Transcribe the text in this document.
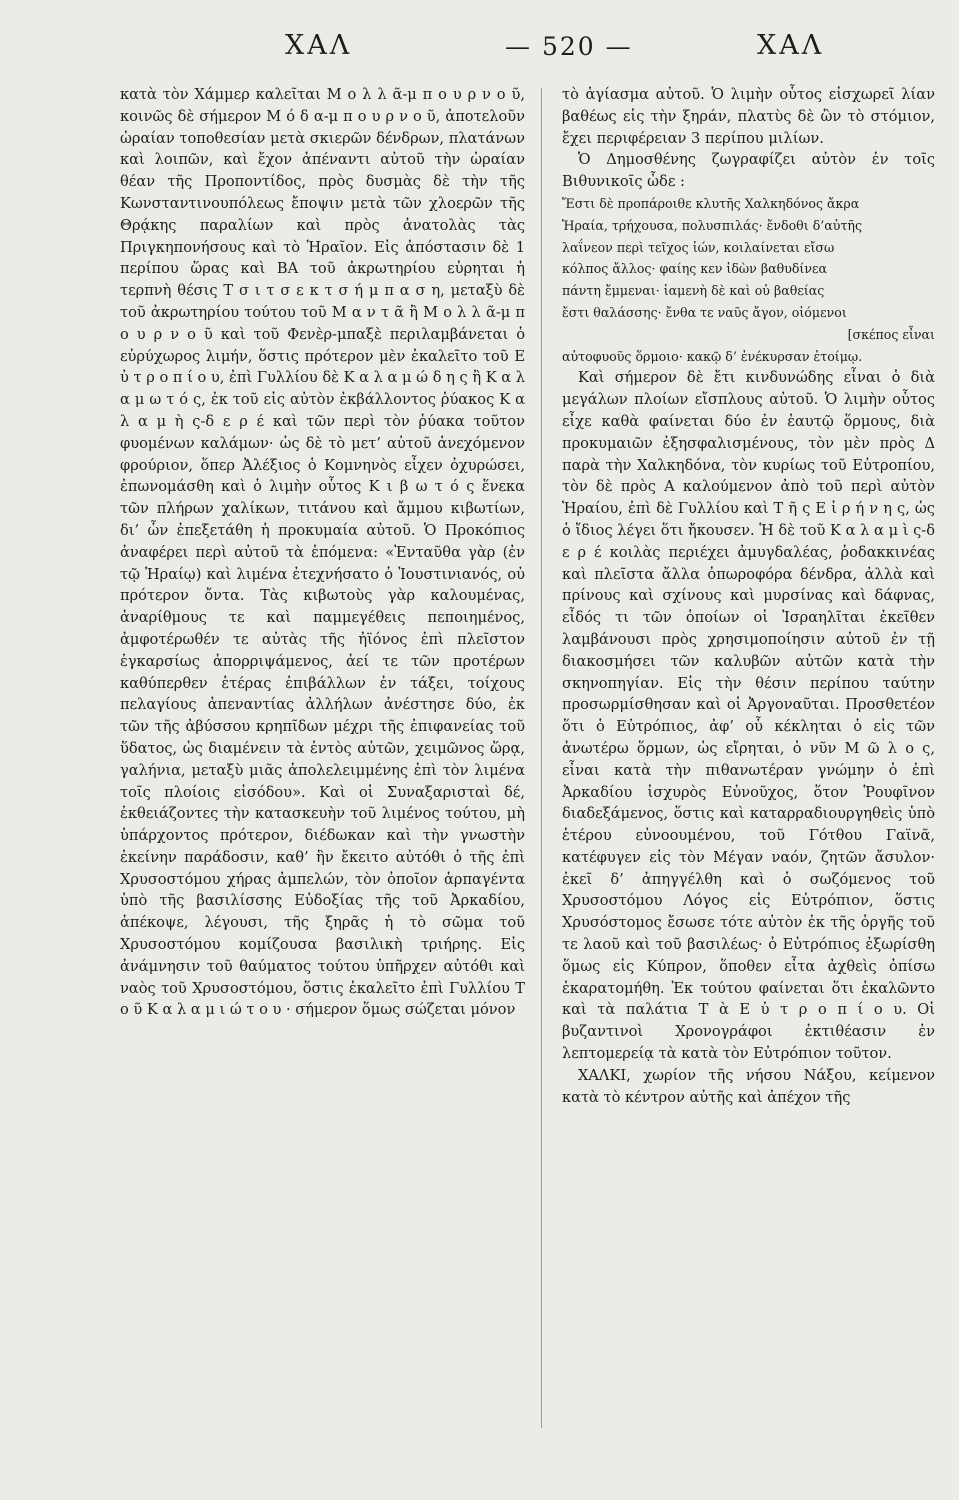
ΧΑΛ	— 520 —	ΧΑΛ

κατὰ τὸν Χάμμερ καλεῖται Μ ο λ λ ᾶ-μ π ο υ ρ ν ο ῦ, κοινῶς δὲ σήμερον Μ ό δ α-μ π ο υ ρ ν ο ῦ, ἀποτελοῦν ὡραίαν τοποθεσίαν μετὰ σκιερῶν δένδρων, πλατάνων καὶ λοιπῶν, καὶ ἔχον ἀπέναντι αὐτοῦ τὴν ὡραίαν θέαν τῆς Προποντίδος, πρὸς δυσμὰς δὲ τὴν τῆς Κωνσταντινουπόλεως ἔποψιν μετὰ τῶν χλοερῶν τῆς Θρᾴκης παραλίων καὶ πρὸς ἀνατολὰς τὰς Πριγκηπονήσους καὶ τὸ Ἡραῖον. Εἰς ἀπόστασιν δὲ 1 περίπου ὥρας καὶ ΒΑ τοῦ ἀκρωτηρίου εὑρηται ἡ τερπνὴ θέσις Τ σ ι τ σ ε κ τ σ ή μ π α σ η, μεταξὺ δὲ τοῦ ἀκρωτηρίου τούτου τοῦ Μ α ν τ ᾶ ἢ Μ ο λ λ ᾶ-μ π ο υ ρ ν ο ῦ καὶ τοῦ Φενὲρ-μπαξὲ περιλαμβάνεται ὁ εὐρύχωρος λιμήν, ὅστις πρότερον μὲν ἐκαλεῖτο τοῦ Ε ὐ τ ρ ο π ί ο υ, ἐπὶ Γυλλίου δὲ Κ α λ α μ ώ δ η ς ἢ Κ α λ α μ ω τ ό ς, ἐκ τοῦ εἰς αὐτὸν ἐκβάλλοντος ῥύακος Κ α λ α μ ὴ ς-δ ε ρ έ καὶ τῶν περὶ τὸν ῥύακα τοῦτον φυομένων καλάμων· ὡς δὲ τὸ μετ’ αὐτοῦ ἀνεχόμενον φρούριον, ὅπερ Ἀλέξιος ὁ Κομνηνὸς εἶχεν ὀχυρώσει, ἐπωνομάσθη καὶ ὁ λιμὴν οὗτος Κ ι β ω τ ό ς ἕνεκα τῶν πλήρων χαλίκων, τιτάνου καὶ ἄμμου κιβωτίων, δι’ ὧν ἐπεξετάθη ἡ προκυμαία αὐτοῦ. Ὁ Προκόπιος ἀναφέρει περὶ αὐτοῦ τὰ ἑπόμενα: «Ἐνταῦθα γὰρ (ἐν τῷ Ἡραίῳ) καὶ λιμένα ἐτεχνήσατο ὁ Ἰουστινιανός, οὐ πρότερον ὄντα. Τὰς κιβωτοὺς γὰρ καλουμένας, ἀναρίθμους τε καὶ παμμεγέθεις πεποιημένος, ἀμφοτέρωθέν τε αὐτὰς τῆς ἠϊόνος ἐπὶ πλεῖστον ἐγκαρσίως ἀπορριψάμενος, ἀεί τε τῶν προτέρων καθύπερθεν ἑτέρας ἐπιβάλλων ἐν τάξει, τοίχους πελαγίους ἀπεναντίας ἀλλήλων ἀνέστησε δύο, ἐκ τῶν τῆς ἀβύσσου κρηπῖδων μέχρι τῆς ἐπιφανείας τοῦ ὕδατος, ὡς διαμένειν τὰ ἐντὸς αὐτῶν, χειμῶνος ὥρᾳ, γαλήνια, μεταξὺ μιᾶς ἀπολελειμμένης ἐπὶ τὸν λιμένα τοῖς πλοίοις εἰσόδου». Καὶ οἱ Συναξαρισταὶ δέ, ἐκθειάζοντες τὴν κατασκευὴν τοῦ λιμένος τούτου, μὴ ὑπάρχοντος πρότερον, διέδωκαν καὶ τὴν γνωστὴν ἐκείνην παράδοσιν, καθ’ ἣν ἔκειτο αὐτόθι ὁ τῆς ἐπὶ Χρυσοστόμου χήρας ἀμπελών, τὸν ὁποῖον ἁρπαγέντα ὑπὸ τῆς βασιλίσσης Εὐδοξίας τῆς τοῦ Ἀρκαδίου, ἀπέκοψε, λέγουσι, τῆς ξηρᾶς ἡ τὸ σῶμα τοῦ Χρυσοστόμου κομίζουσα βασιλικὴ τριήρης. Εἰς ἀνάμνησιν τοῦ θαύματος τούτου ὑπῆρχεν αὐτόθι καὶ ναὸς τοῦ Χρυσοστόμου, ὅστις ἐκαλεῖτο ἐπὶ Γυλλίου Τ ο ῦ Κ α λ α μ ι ώ τ ο υ · σήμερον ὅμως σώζεται μόνον

τὸ ἁγίασμα αὐτοῦ. Ὁ λιμὴν οὗτος εἰσχωρεῖ λίαν βαθέως εἰς τὴν ξηράν, πλατὺς δὲ ὢν τὸ στόμιον, ἔχει περιφέρειαν 3 περίπου μιλίων.

Ὁ Δημοσθένης ζωγραφίζει αὐτὸν ἐν τοῖς Βιθυνικοῖς ὧδε :

Ἔστι δὲ προπάροιθε κλυτῆς Χαλκηδόνος ἄκρα
Ἡραία, τρήχουσα, πολυσπιλάς· ἔνδοθι δ’αὐτῆς
λαΐνεον περὶ τεῖχος ἰών, κοιλαίνεται εἴσω
κόλπος ἄλλος· φαίης κεν ἰδὼν βαθυδίνεα
πάντη ἔμμεναι· ἱαμενὴ δὲ καὶ οὐ βαθείας
ἔστι θαλάσσης· ἔνθα τε ναῦς ἄγον, οἰόμενοι
[σκέπος εἶναι
αὐτοφυοῦς ὅρμοιο· κακῷ δ’ ἐνέκυρσαν ἐτοίμῳ.

Καὶ σήμερον δὲ ἔτι κινδυνώδης εἶναι ὁ διὰ μεγάλων πλοίων εἴσπλους αὐτοῦ. Ὁ λιμὴν οὗτος εἶχε καθὰ φαίνεται δύο ἐν ἑαυτῷ ὅρμους, διὰ προκυμαιῶν ἐξησφαλισμένους, τὸν μὲν πρὸς Δ παρὰ τὴν Χαλκηδόνα, τὸν κυρίως τοῦ Εὐτροπίου, τὸν δὲ πρὸς Α καλούμενον ἀπὸ τοῦ περὶ αὐτὸν Ἡραίου, ἐπὶ δὲ Γυλλίου καὶ Τ ῆ ς Ε ἰ ρ ή ν η ς, ὡς ὁ ἴδιος λέγει ὅτι ἤκουσεν. Ἡ δὲ τοῦ Κ α λ α μ ὶ ς-δ ε ρ έ κοιλὰς περιέχει ἀμυγδαλέας, ῥοδακκινέας καὶ πλεῖστα ἄλλα ὀπωροφόρα δένδρα, ἀλλὰ καὶ πρίνους καὶ σχίνους καὶ μυρσίνας καὶ δάφνας, εἶδός τι τῶν ὁποίων οἱ Ἰσραηλῖται ἐκεῖθεν λαμβάνουσι πρὸς χρησιμοποίησιν αὐτοῦ ἐν τῇ διακοσμήσει τῶν καλυβῶν αὐτῶν κατὰ τὴν σκηνοπηγίαν. Εἰς τὴν θέσιν περίπου ταύτην προσωρμίσθησαν καὶ οἱ Ἀργοναῦται. Προσθετέον ὅτι ὁ Εὐτρόπιος, ἀφ’ οὗ κέκληται ὁ εἰς τῶν ἀνωτέρω ὅρμων, ὡς εἴρηται, ὁ νῦν Μ ῶ λ ο ς, εἶναι κατὰ τὴν πιθανωτέραν γνώμην ὁ ἐπὶ Ἀρκαδίου ἰσχυρὸς Εὐνοῦχος, ὅτον Ῥουφῖνον διαδεξάμενος, ὅστις καὶ καταρραδιουργηθεὶς ὑπὸ ἑτέρου εὐνοουμένου, τοῦ Γότθου Γαϊνᾶ, κατέφυγεν εἰς τὸν Μέγαν ναόν, ζητῶν ἄσυλον· ἐκεῖ δ’ ἀπηγγέλθη καὶ ὁ σωζόμενος τοῦ Χρυσοστόμου Λόγος εἰς Εὐτρόπιον, ὅστις Χρυσόστομος ἔσωσε τότε αὐτὸν ἐκ τῆς ὀργῆς τοῦ τε λαοῦ καὶ τοῦ βασιλέως· ὁ Εὐτρόπιος ἐξωρίσθη ὅμως εἰς Κύπρον, ὅποθεν εἶτα ἀχθεὶς ὀπίσω ἐκαρατομήθη. Ἐκ τούτου φαίνεται ὅτι ἐκαλῶντο καὶ τὰ παλάτια Τ ὰ Ε ὐ τ ρ ο π ί ο υ. Οἱ βυζαντινοὶ Χρονογράφοι ἐκτιθέασιν ἐν λεπτομερείᾳ τὰ κατὰ τὸν Εὐτρόπιον τοῦτον.

ΧΑΛΚΙ, χωρίον τῆς νήσου Νάξου, κείμενον κατὰ τὸ κέντρον αὐτῆς καὶ ἀπέχον τῆς
